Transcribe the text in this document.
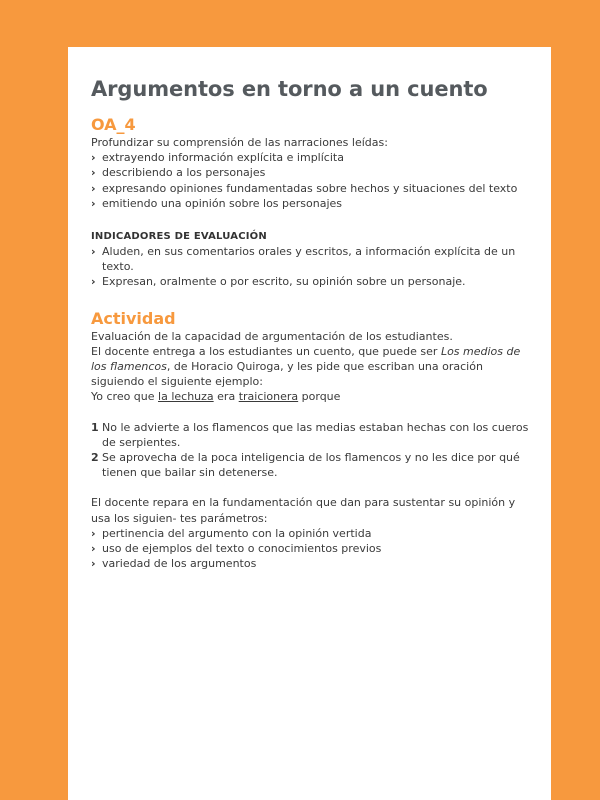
Argumentos en torno a un cuento
OA_4

Profundizar su comprensión de las narraciones leídas:

› extrayendo información explícita e implícita
› describiendo a los personajes
› expresando opiniones fundamentadas sobre hechos y situaciones del texto
› emitiendo una opinión sobre los personajes
INDICADORES DE EVALUACIÓN
› Aluden, en sus comentarios orales y escritos, a información explícita de un texto.
› Expresan, oralmente o por escrito, su opinión sobre un personaje.
Actividad

Evaluación de la capacidad de argumentación de los estudiantes.

El docente entrega a los estudiantes un cuento, que puede ser Los medios de los flamencos, de Horacio Quiroga, y les pide que escriban una oración siguiendo el siguiente ejemplo:

Yo creo que la lechuza era traicionera porque

1 No le advierte a los flamencos que las medias estaban hechas con los cueros de serpientes.
2 Se aprovecha de la poca inteligencia de los flamencos y no les dice por qué tienen que bailar sin detenerse.

El docente repara en la fundamentación que dan para sustentar su opinión y usa los siguien- tes parámetros:

› pertinencia del argumento con la opinión vertida
› uso de ejemplos del texto o conocimientos previos
› variedad de los argumentos
